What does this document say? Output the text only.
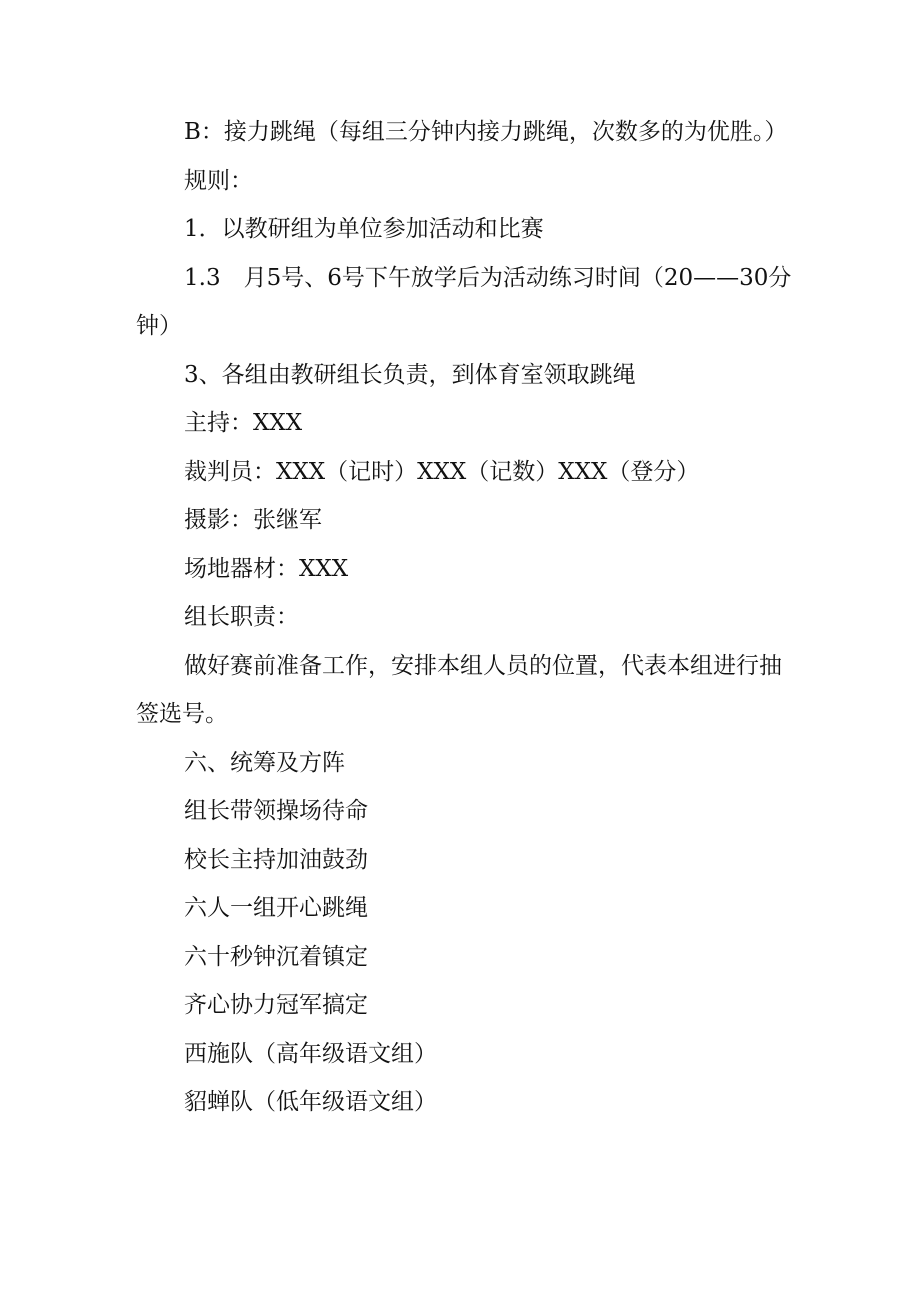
B：接力跳绳（每组三分钟内接力跳绳，次数多的为优胜。）

规则：

1．以教研组为单位参加活动和比赛

1.3　月5号、6号下午放学后为活动练习时间（20——30分钟）

3、各组由教研组长负责，到体育室领取跳绳

主持：XXX

裁判员：XXX（记时）XXX（记数）XXX（登分）

摄影：张继军

场地器材：XXX

组长职责：

做好赛前准备工作，安排本组人员的位置，代表本组进行抽签选号。

六、统筹及方阵

组长带领操场待命

校长主持加油鼓劲

六人一组开心跳绳

六十秒钟沉着镇定

齐心协力冠军搞定

西施队（高年级语文组）

貂蝉队（低年级语文组）
